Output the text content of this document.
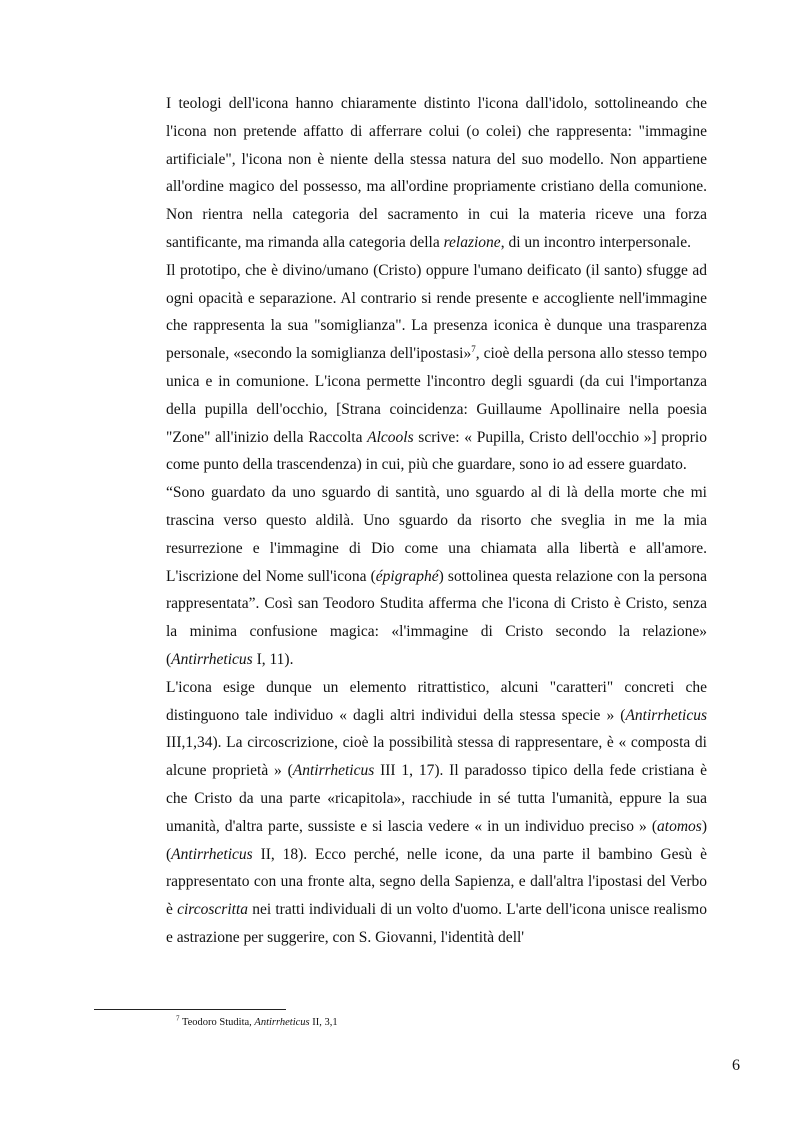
I teologi dell'icona hanno chiaramente distinto l'icona dall'idolo, sottolineando che l'icona non pretende affatto di afferrare colui (o colei) che rappresenta: "immagine artificiale", l'icona non è niente della stessa natura del suo modello. Non appartiene all'ordine magico del possesso, ma all'ordine propriamente cristiano della comunione. Non rientra nella categoria del sacramento in cui la materia riceve una forza santificante, ma rimanda alla categoria della relazione, di un incontro interpersonale.

Il prototipo, che è divino/umano (Cristo) oppure l'umano deificato (il santo) sfugge ad ogni opacità e separazione. Al contrario si rende presente e accogliente nell'immagine che rappresenta la sua "somiglianza". La presenza iconica è dunque una trasparenza personale, «secondo la somiglianza dell'ipostasi»$^7$, cioè della persona allo stesso tempo unica e in comunione. L'icona permette l'incontro degli sguardi (da cui l'importanza della pupilla dell'occhio, [Strana coincidenza: Guillaume Apollinaire nella poesia "Zone" all'inizio della Raccolta Alcools scrive: « Pupilla, Cristo dell'occhio »] proprio come punto della trascendenza) in cui, più che guardare, sono io ad essere guardato.

“Sono guardato da uno sguardo di santità, uno sguardo al di là della morte che mi trascina verso questo aldilà. Uno sguardo da risorto che sveglia in me la mia resurrezione e l'immagine di Dio come una chiamata alla libertà e all'amore. L'iscrizione del Nome sull'icona (épigraphé) sottolinea questa relazione con la persona rappresentata”. Così san Teodoro Studita afferma che l'icona di Cristo è Cristo, senza la minima confusione magica: «l'immagine di Cristo secondo la relazione» (Antirrheticus I, 11).

L'icona esige dunque un elemento ritrattistico, alcuni "caratteri" concreti che distinguono tale individuo « dagli altri individui della stessa specie » (Antirrheticus III,1,34). La circoscrizione, cioè la possibilità stessa di rappresentare, è « composta di alcune proprietà » (Antirrheticus III 1, 17). Il paradosso tipico della fede cristiana è che Cristo da una parte «ricapitola», racchiude in sé tutta l'umanità, eppure la sua umanità, d'altra parte, sussiste e si lascia vedere « in un individuo preciso » (atomos) (Antirrheticus II, 18). Ecco perché, nelle icone, da una parte il bambino Gesù è rappresentato con una fronte alta, segno della Sapienza, e dall'altra l'ipostasi del Verbo è circoscritta nei tratti individuali di un volto d'uomo. L'arte dell'icona unisce realismo e astrazione per suggerire, con S. Giovanni, l'identità dell'

$^7$ Teodoro Studita, Antirrheticus II, 3,1
6
